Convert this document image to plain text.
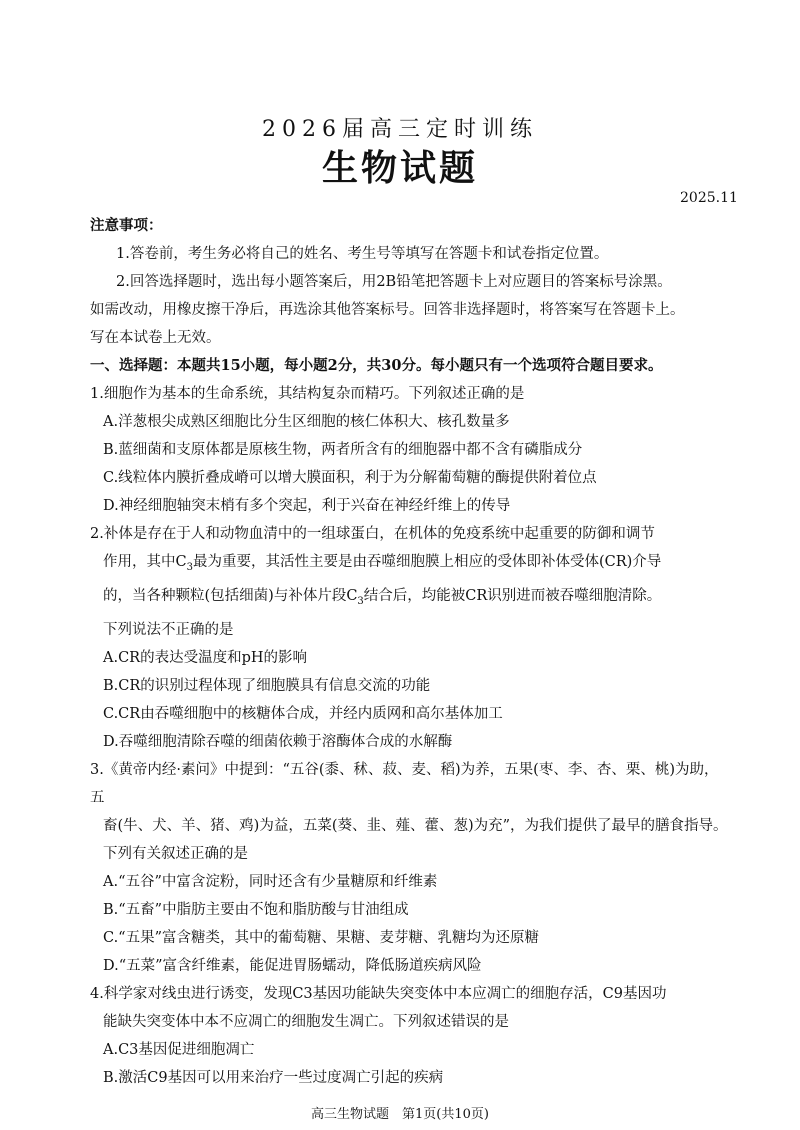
2026届高三定时训练
生物试题
2025.11

注意事项：

1.答卷前，考生务必将自己的姓名、考生号等填写在答题卡和试卷指定位置。

2.回答选择题时，选出每小题答案后，用2B铅笔把答题卡上对应题目的答案标号涂黑。

如需改动，用橡皮擦干净后，再选涂其他答案标号。回答非选择题时，将答案写在答题卡上。

写在本试卷上无效。

一、选择题：本题共15小题，每小题2分，共30分。每小题只有一个选项符合题目要求。

1.细胞作为基本的生命系统，其结构复杂而精巧。下列叙述正确的是

A.洋葱根尖成熟区细胞比分生区细胞的核仁体积大、核孔数量多

B.蓝细菌和支原体都是原核生物，两者所含有的细胞器中都不含有磷脂成分

C.线粒体内膜折叠成嵴可以增大膜面积，利于为分解葡萄糖的酶提供附着位点

D.神经细胞轴突末梢有多个突起，利于兴奋在神经纤维上的传导

2.补体是存在于人和动物血清中的一组球蛋白，在机体的免疫系统中起重要的防御和调节

作用，其中$C_3$最为重要，其活性主要是由吞噬细胞膜上相应的受体即补体受体(CR)介导

的，当各种颗粒(包括细菌)与补体片段$C_3$结合后，均能被CR识别进而被吞噬细胞清除。

下列说法不正确的是

A.CR的表达受温度和pH的影响

B.CR的识别过程体现了细胞膜具有信息交流的功能

C.CR由吞噬细胞中的核糖体合成，并经内质网和高尔基体加工

D.吞噬细胞清除吞噬的细菌依赖于溶酶体合成的水解酶

3.《黄帝内经·素问》中提到：“五谷(黍、秫、菽、麦、稻)为养，五果(枣、李、杏、栗、桃)为助，五

畜(牛、犬、羊、猪、鸡)为益，五菜(葵、韭、薤、藿、葱)为充”，为我们提供了最早的膳食指导。

下列有关叙述正确的是

A.“五谷”中富含淀粉，同时还含有少量糖原和纤维素

B.“五畜”中脂肪主要由不饱和脂肪酸与甘油组成

C.“五果”富含糖类，其中的葡萄糖、果糖、麦芽糖、乳糖均为还原糖

D.“五菜”富含纤维素，能促进胃肠蠕动，降低肠道疾病风险

4.科学家对线虫进行诱变，发现C3基因功能缺失突变体中本应凋亡的细胞存活，C9基因功

能缺失突变体中本不应凋亡的细胞发生凋亡。下列叙述错误的是

A.C3基因促进细胞凋亡

B.激活C9基因可以用来治疗一些过度凋亡引起的疾病

高三生物试题　第1页(共10页)
